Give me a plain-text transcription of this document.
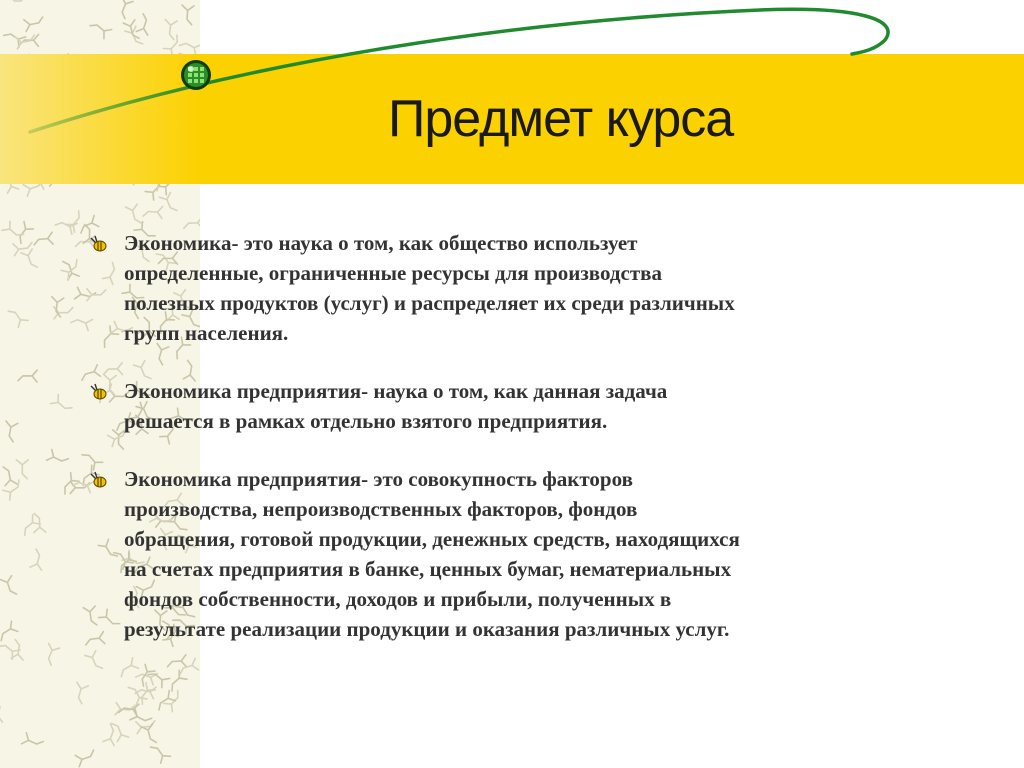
Предмет курса
Экономика- это наука о том, как общество использует
определенные, ограниченные ресурсы для производства
полезных продуктов (услуг) и распределяет их среди различных
групп населения.
Экономика предприятия- наука о том, как данная задача
решается в рамках отдельно взятого предприятия.
Экономика предприятия- это совокупность факторов
производства, непроизводственных факторов, фондов
обращения, готовой продукции, денежных средств, находящихся
на счетах предприятия в банке, ценных бумаг, нематериальных
фондов собственности, доходов и прибыли, полученных в
результате реализации продукции и оказания различных услуг.
